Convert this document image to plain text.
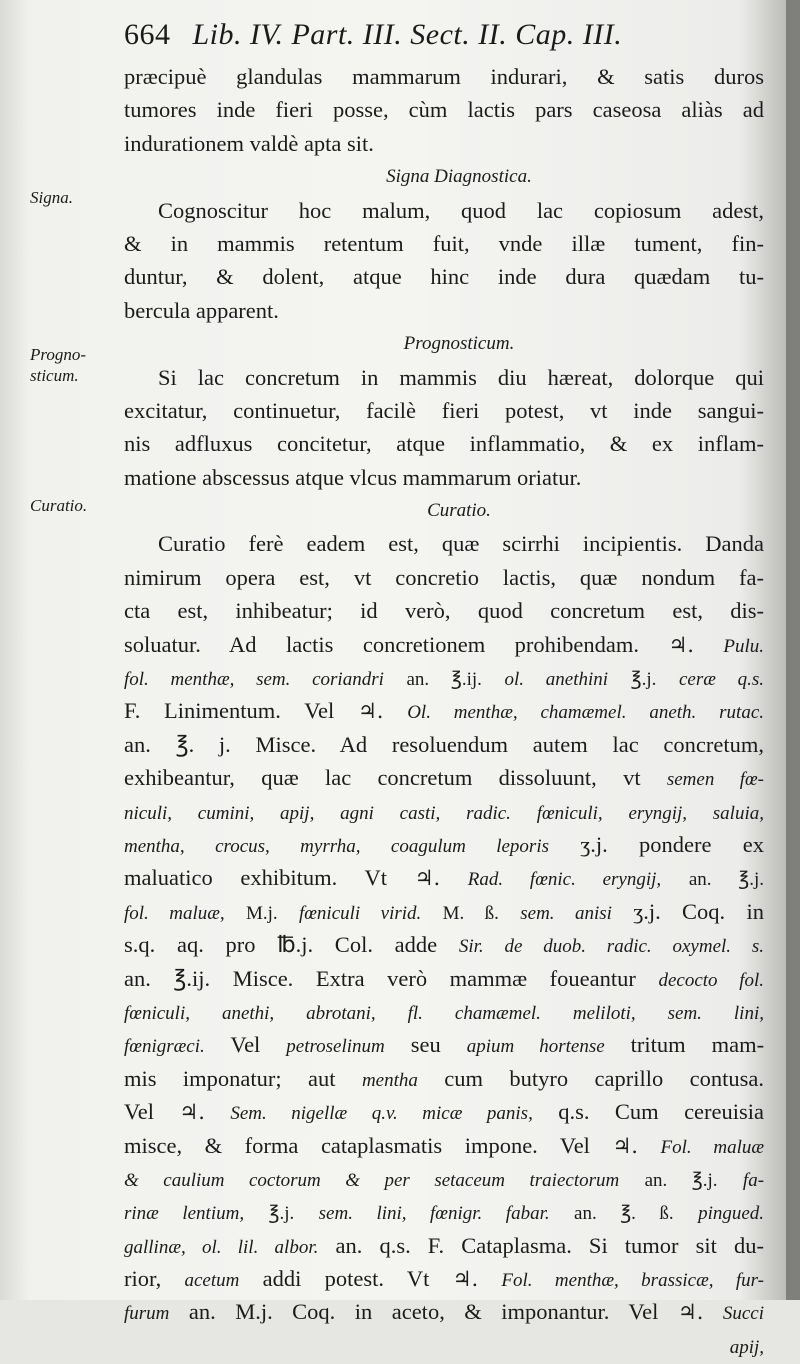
664 Lib. IV. Part. III. Sect. II. Cap. III.
Signa.
Progno-
sticum.
Curatio.
præcipuè glandulas mammarum indurari, & satis duros
tumores inde fieri posse, cùm lactis pars caseosa aliàs ad
indurationem valdè apta sit.
Signa Diagnostica.
Cognoscitur hoc malum, quod lac copiosum adest,
& in mammis retentum fuit, vnde illæ tument, fin-
duntur, & dolent, atque hinc inde dura quædam tu-
bercula apparent.
Prognosticum.
Si lac concretum in mammis diu hæreat, dolorque qui
excitatur, continuetur, facilè fieri potest, vt inde sangui-
nis adfluxus concitetur, atque inflammatio, & ex inflam-
matione abscessus atque vlcus mammarum oriatur.
Curatio.
Curatio ferè eadem est, quæ scirrhi incipientis. Danda
nimirum opera est, vt concretio lactis, quæ nondum fa-
cta est, inhibeatur; id verò, quod concretum est, dis-
soluatur. Ad lactis concretionem prohibendam. ♃. Pulu.
fol. menthæ, sem. coriandri an. ℥.ij. ol. anethini ℥.j. ceræ q.s.
F. Linimentum. Vel ♃. Ol. menthæ, chamæmel. aneth. rutac.
an. ℥. j. Misce. Ad resoluendum autem lac concretum,
exhibeantur, quæ lac concretum dissoluunt, vt semen fœ-
niculi, cumini, apij, agni casti, radic. fœniculi, eryngij, saluia,
mentha, crocus, myrrha, coagulum leporis ʒ.j. pondere ex
maluatico exhibitum. Vt ♃. Rad. fœnic. eryngij, an. ℥.j.
fol. maluæ, M.j. fœniculi virid. M. ß. sem. anisi ʒ.j. Coq. in
s.q. aq. pro ℔.j. Col. adde Sir. de duob. radic. oxymel. s.
an. ℥.ij. Misce. Extra verò mammæ foueantur decocto fol.
fœniculi, anethi, abrotani, fl. chamæmel. meliloti, sem. lini,
fœnigræci. Vel petroselinum seu apium hortense tritum mam-
mis imponatur; aut mentha cum butyro caprillo contusa.
Vel ♃. Sem. nigellæ q.v. micæ panis, q.s. Cum cereuisia
misce, & forma cataplasmatis impone. Vel ♃. Fol. maluæ
& caulium coctorum & per setaceum traiectorum an. ℥.j. fa-
rinæ lentium, ℥.j. sem. lini, fœnigr. fabar. an. ℥. ß. pingued.
gallinæ, ol. lil. albor. an. q.s. F. Cataplasma. Si tumor sit du-
rior, acetum addi potest. Vt ♃. Fol. menthæ, brassicæ, fur-
furum an. M.j. Coq. in aceto, & imponantur. Vel ♃. Succi
apij,
